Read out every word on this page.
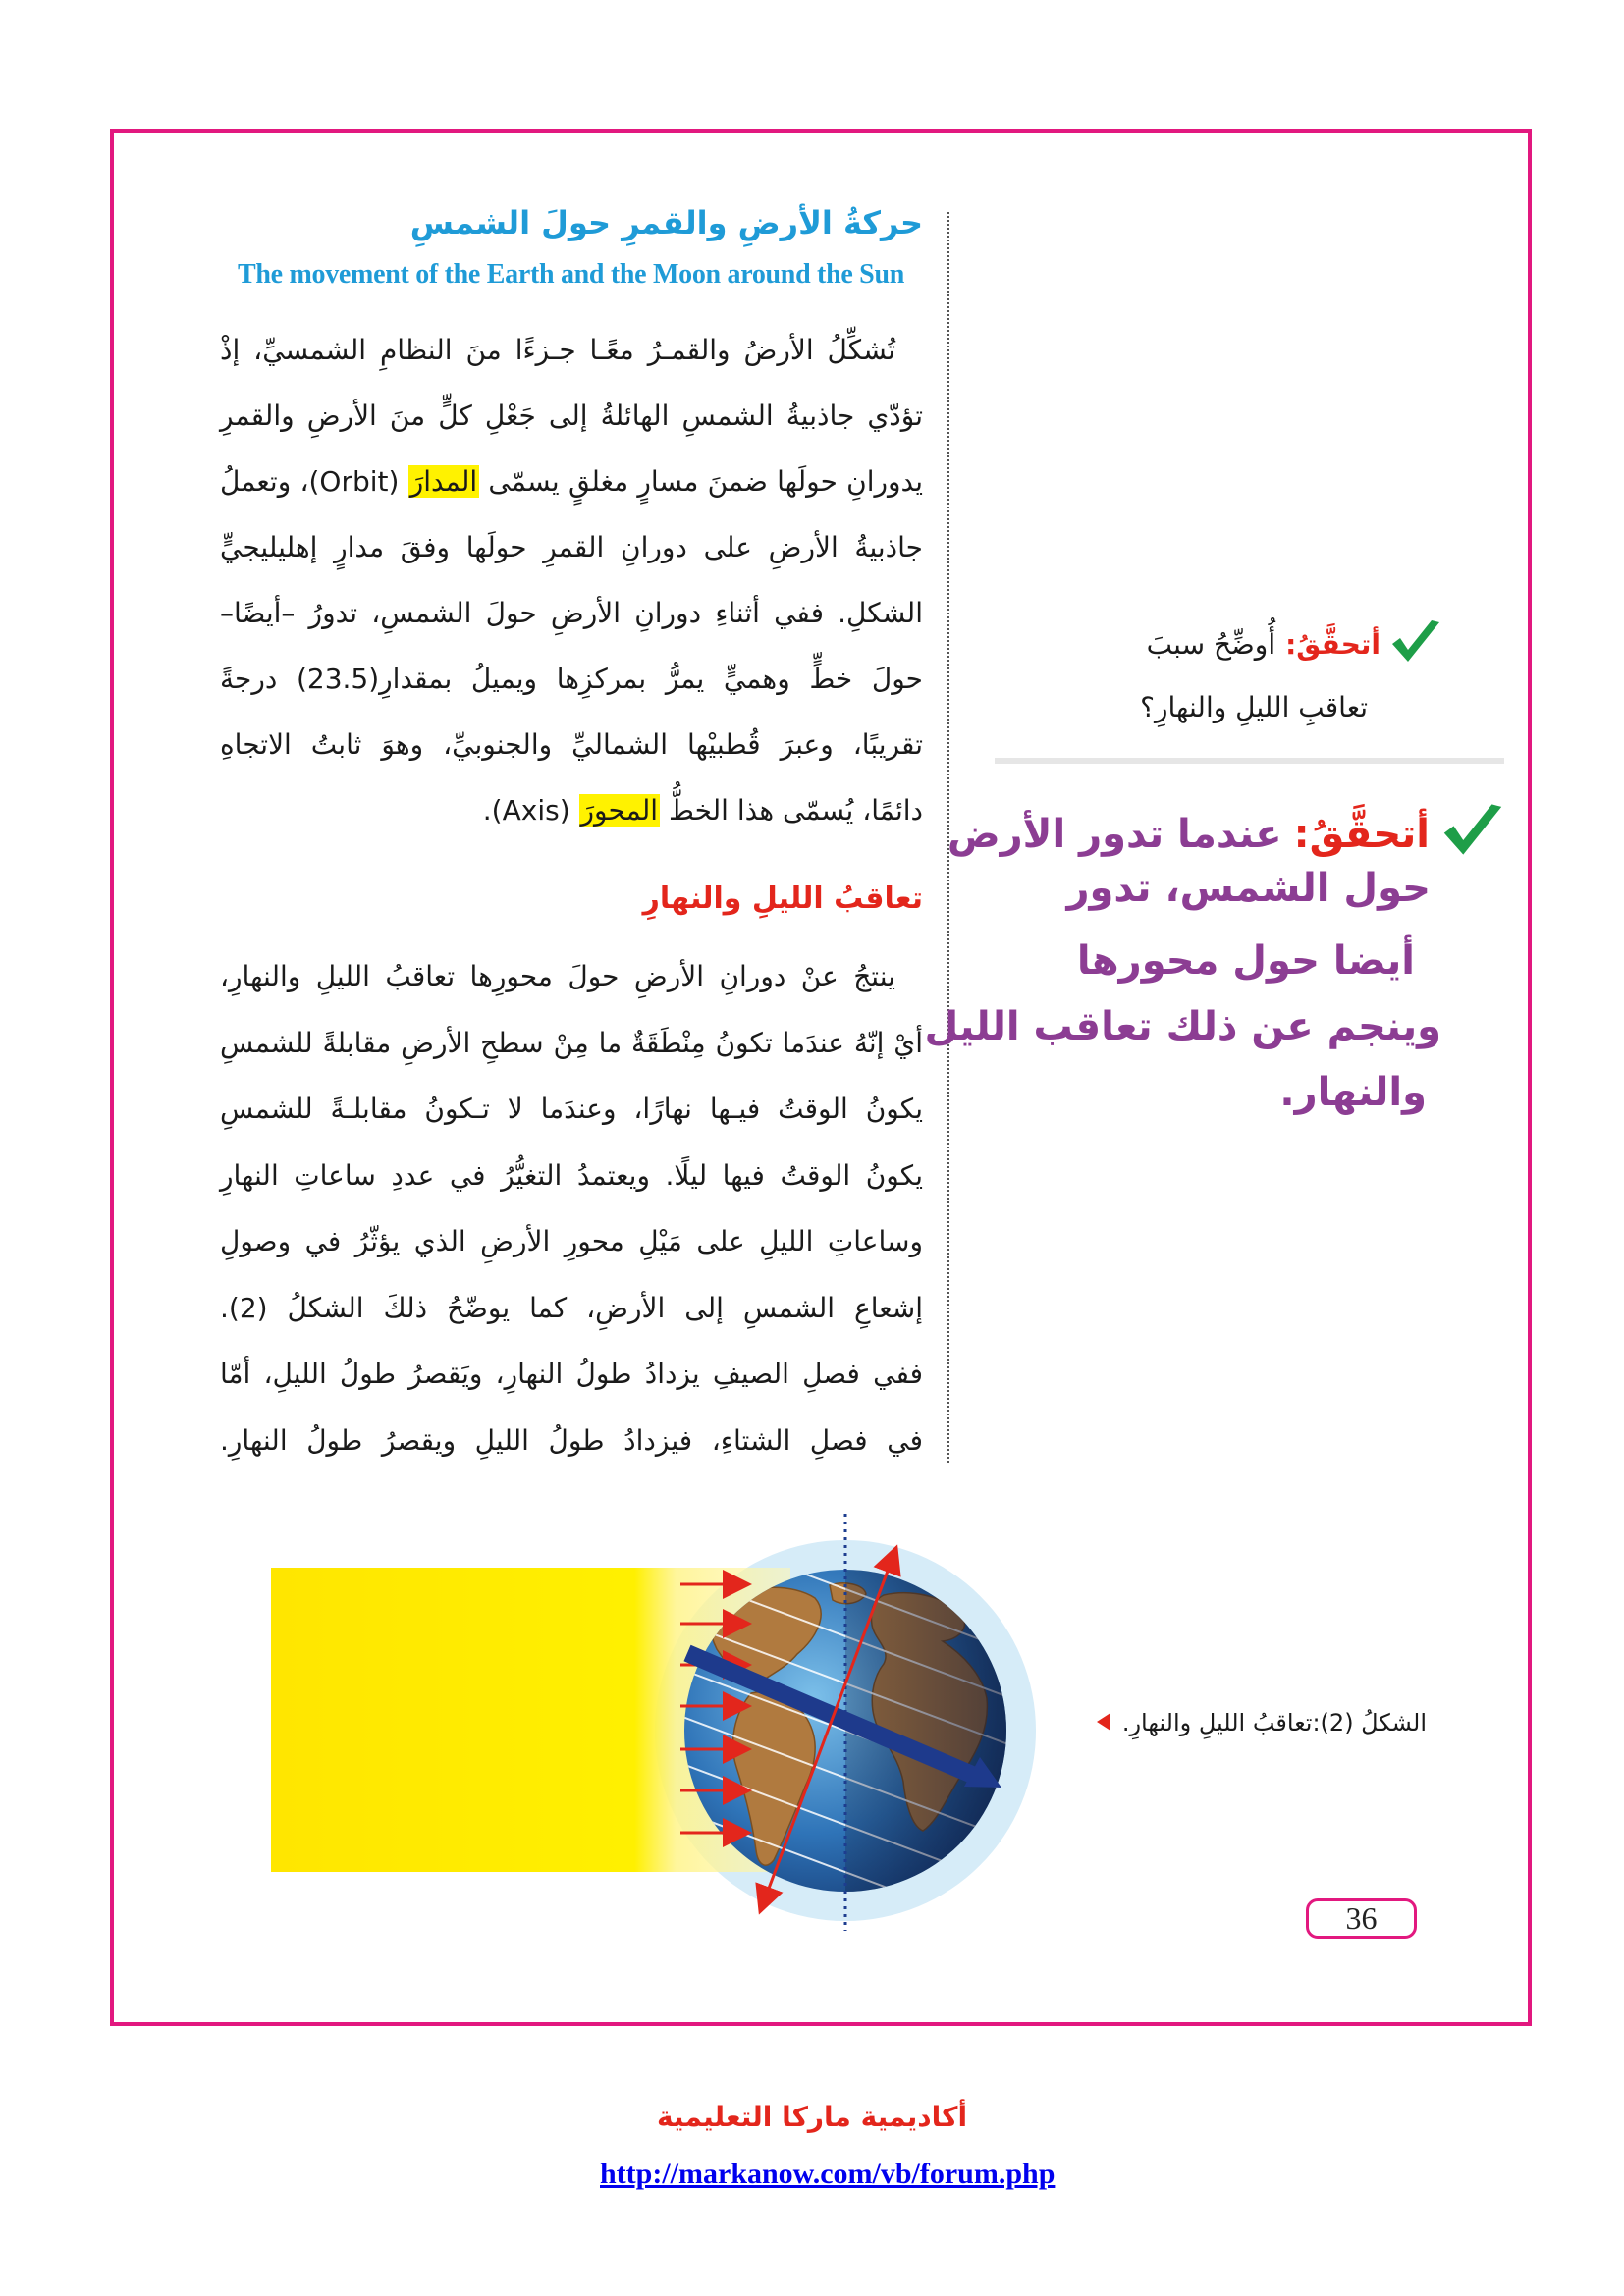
حركةُ الأرضِ والقمرِ حولَ الشمسِ
The movement of the Earth and the Moon around the Sun
تُشكِّلُ الأرضُ والقمـرُ معًـا جـزءًا منَ النظامِ الشمسيِّ، إذْ
تؤدّي جاذبيةُ الشمسِ الهائلةُ إلى جَعْلِ كلٍّ منَ الأرضِ والقمرِ
يدورانِ حولَها ضمنَ مسارٍ مغلقٍ يسمّى المدارَ (Orbit)، وتعملُ
جاذبيةُ الأرضِ على دورانِ القمرِ حولَها وفقَ مدارٍ إهليليجيٍّ
الشكلِ. ففي أثناءِ دورانِ الأرضِ حولَ الشمسِ، تدورُ –أيضًا–
حولَ خطٍّ وهميٍّ يمرُّ بمركزِها ويميلُ بمقدارِ(23.5) درجةً
تقريبًا، وعبرَ قُطبيْها الشماليِّ والجنوبيِّ، وهوَ ثابتُ الاتجاهِ
دائمًا، يُسمّى هذا الخطُّ المحورَ (Axis).
تعاقبُ الليلِ والنهارِ
ينتجُ عنْ دورانِ الأرضِ حولَ محورِها تعاقبُ الليلِ والنهارِ،
أيْ إنّهُ عندَما تكونُ مِنْطَقَةٌ ما مِنْ سطحِ الأرضِ مقابلةً للشمسِ
يكونُ الوقتُ فيـها نهارًا، وعندَما لا تـكونُ مقابلـةً للشمسِ
يكونُ الوقتُ فيها ليلًا. ويعتمدُ التغيُّرُ في عددِ ساعاتِ النهارِ
وساعاتِ الليلِ على مَيْلِ محورِ الأرضِ الذي يؤثّرُ في وصولِ
إشعاعِ الشمسِ إلى الأرضِ، كما يوضّحُ ذلكَ الشكلُ (2).
ففي فصلِ الصيفِ يزدادُ طولُ النهارِ، ويَقصرُ طولُ الليلِ، أمّا
في فصلِ الشتاءِ، فيزدادُ طولُ الليلِ ويقصرُ طولُ النهارِ.
أتحقَّقُ:
أُوضِّحُ سببَ
تعاقبِ الليلِ والنهارِ؟
أتحقَّقُ:
عندما تدور الأرض
حول الشمس، تدور
أيضا حول محورها
وينجم عن ذلك تعاقب الليل
والنهار.
الشكلُ (2):تعاقبُ الليلِ والنهارِ.
36
أكاديمية ماركا التعليمية
http://markanow.com/vb/forum.php
